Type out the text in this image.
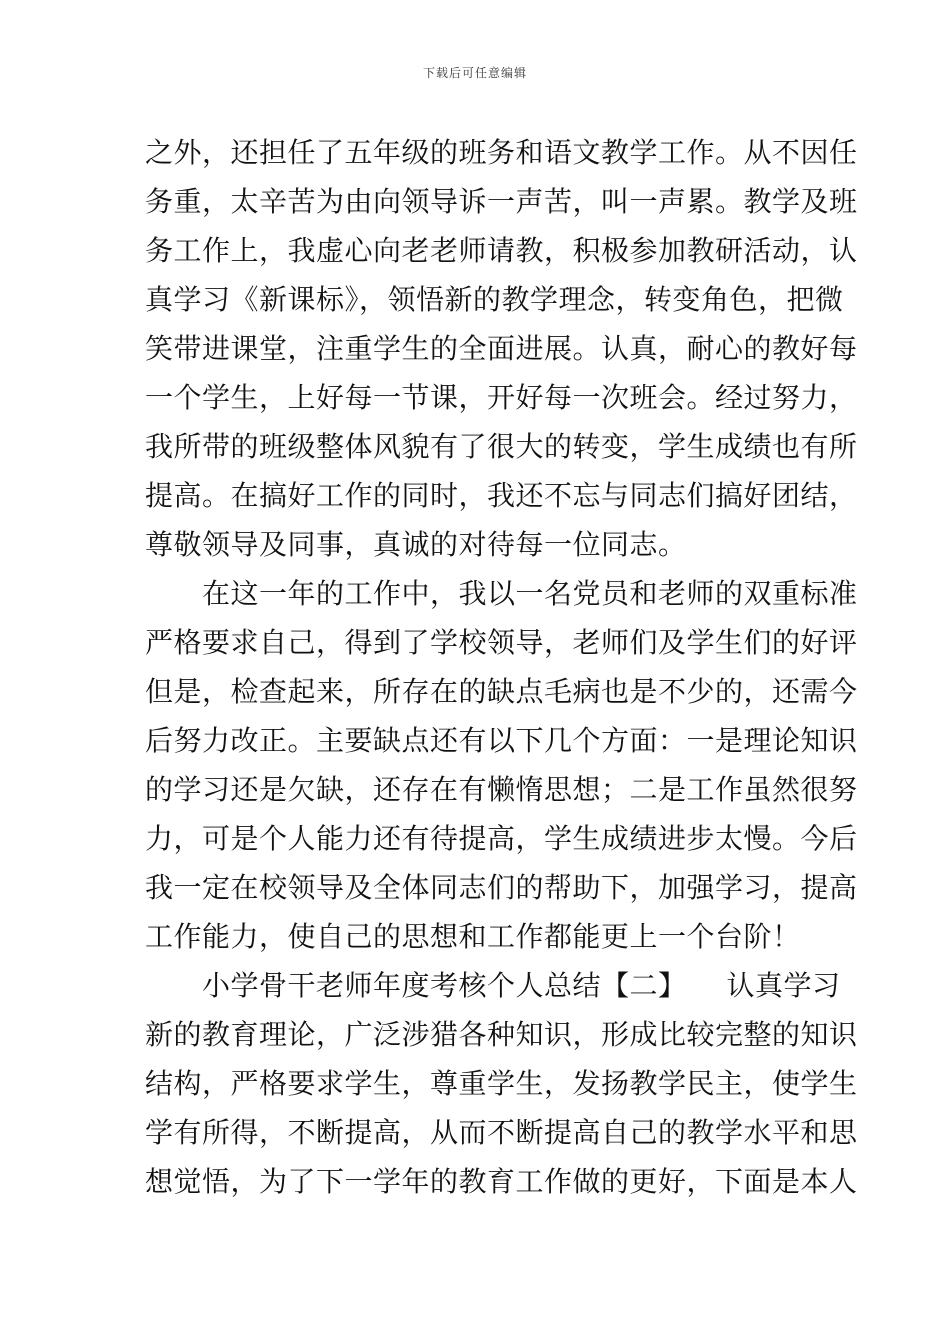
下载后可任意编辑
之外，还担任了五年级的班务和语文教学工作。从不因任
务重，太辛苦为由向领导诉一声苦，叫一声累。教学及班
务工作上，我虚心向老老师请教，积极参加教研活动，认
真学习《新课标》，领悟新的教学理念，转变角色，把微
笑带进课堂，注重学生的全面进展。认真，耐心的教好每
一个学生，上好每一节课，开好每一次班会。经过努力，
我所带的班级整体风貌有了很大的转变，学生成绩也有所
提高。在搞好工作的同时，我还不忘与同志们搞好团结，
尊敬领导及同事，真诚的对待每一位同志。
　　在这一年的工作中，我以一名党员和老师的双重标准
严格要求自己，得到了学校领导，老师们及学生们的好评
但是，检查起来，所存在的缺点毛病也是不少的，还需今
后努力改正。主要缺点还有以下几个方面：一是理论知识
的学习还是欠缺，还存在有懒惰思想；二是工作虽然很努
力，可是个人能力还有待提高，学生成绩进步太慢。今后
我一定在校领导及全体同志们的帮助下，加强学习，提高
工作能力，使自己的思想和工作都能更上一个台阶！
　　小学骨干老师年度考核个人总结【二】 认真学习
新的教育理论，广泛涉猎各种知识，形成比较完整的知识
结构，严格要求学生，尊重学生，发扬教学民主，使学生
学有所得，不断提高，从而不断提高自己的教学水平和思
想觉悟，为了下一学年的教育工作做的更好，下面是本人
